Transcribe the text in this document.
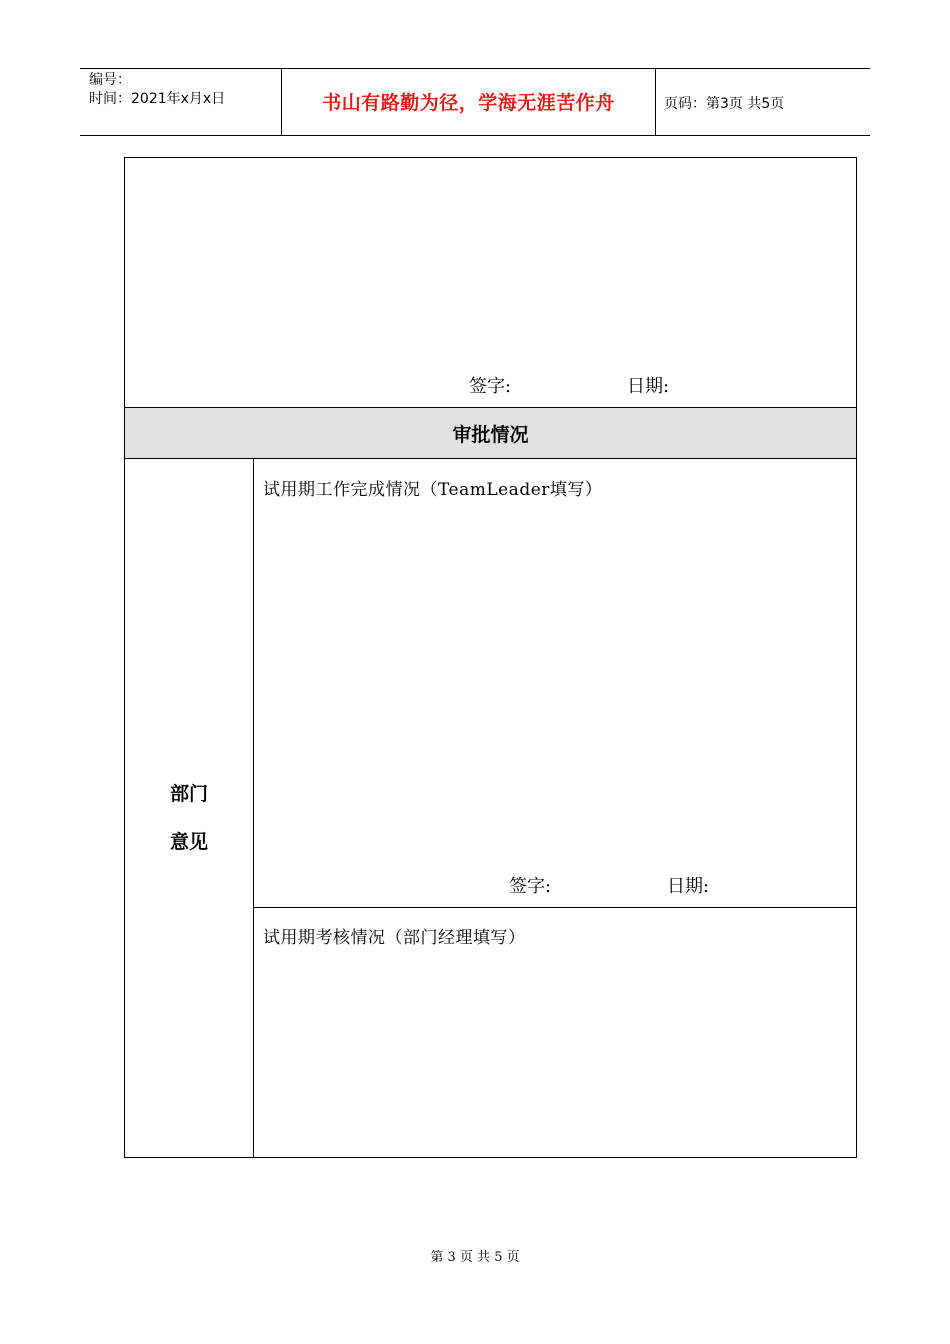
编号：
时间：2021年x月x日	书山有路勤为径，学海无涯苦作舟	页码：第3页 共5页
签字:	日期:
审批情况
部门
意见
试用期工作完成情况（TeamLeader填写）
签字:	日期:
试用期考核情况（部门经理填写）
第 3 页 共 5 页
